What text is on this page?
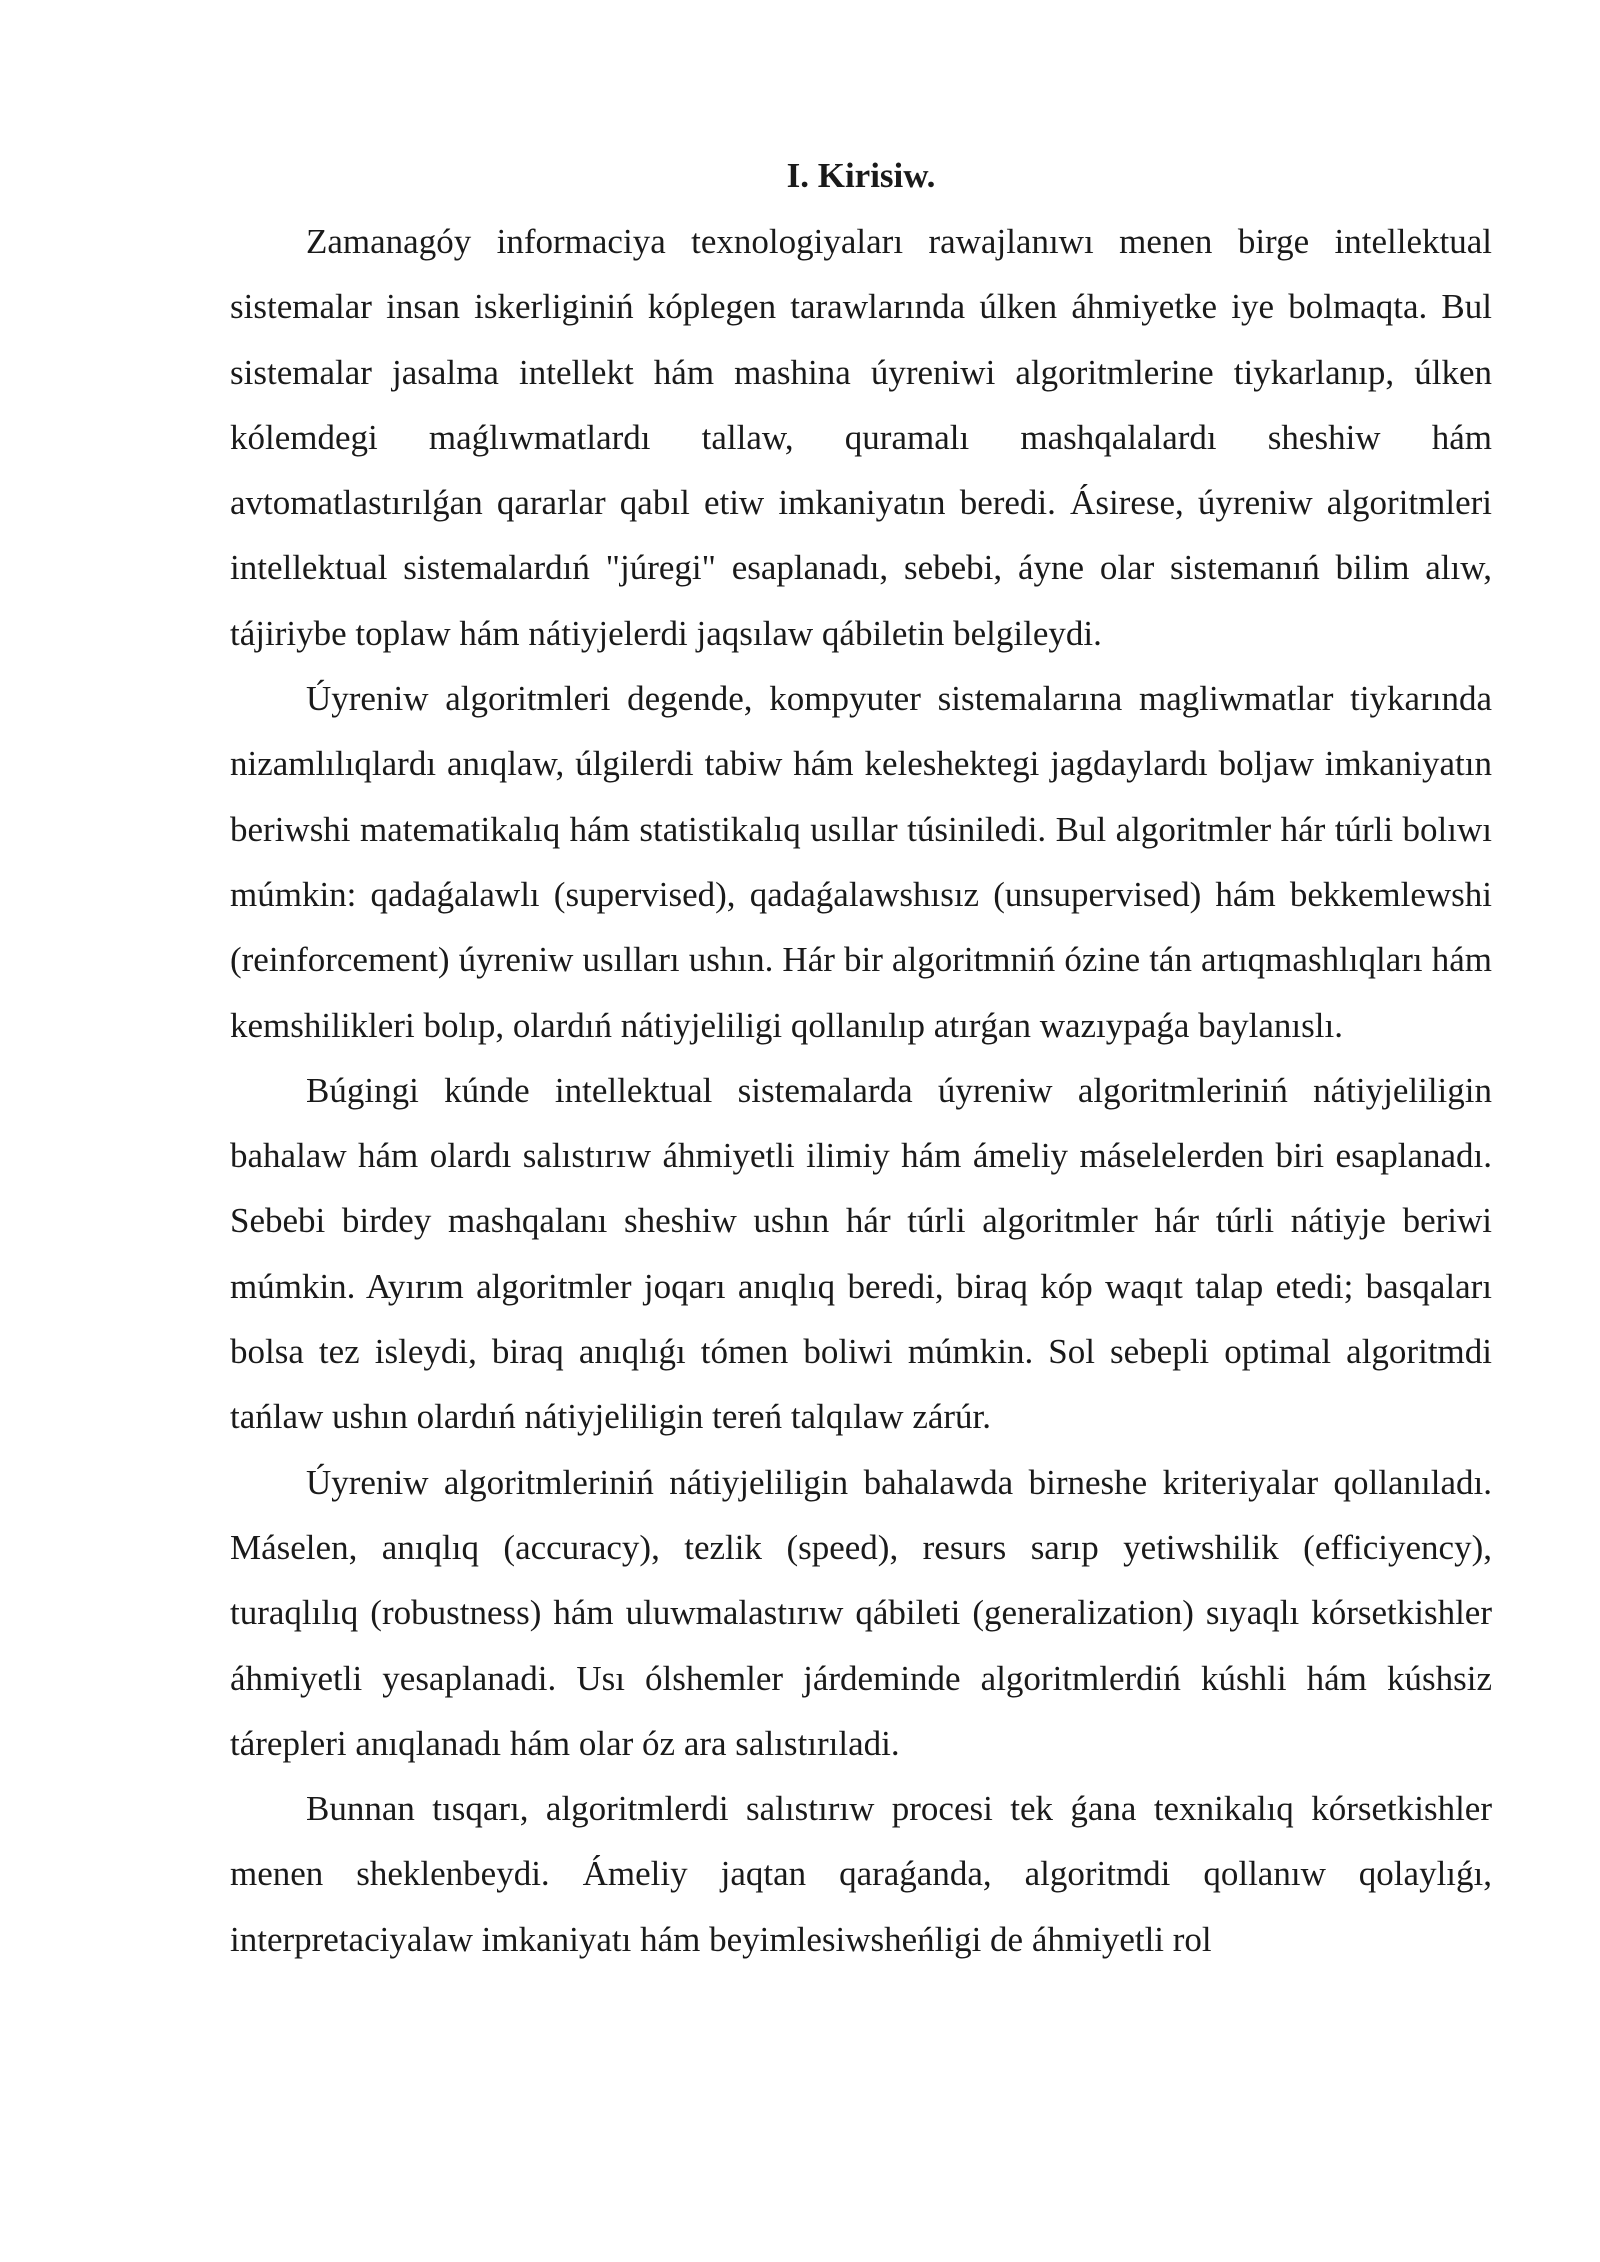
I. Kirisiw.

Zamanagóy informaciya texnologiyaları rawajlanıwı menen birge intellektual sistemalar insan iskerliginiń kóplegen tarawlarında úlken áhmiyetke iye bolmaqta. Bul sistemalar jasalma intellekt hám mashina úyreniwi algoritmlerine tiykarlanıp, úlken kólemdegi maǵlıwmatlardı tallaw, quramalı mashqalalardı sheshiw hám avtomatlastırılǵan qararlar qabıl etiw imkaniyatın beredi. Ásirese, úyreniw algoritmleri intellektual sistemalardıń "júregi" esaplanadı, sebebi, áyne olar sistemanıń bilim alıw, tájiriybe toplaw hám nátiyjelerdi jaqsılaw qábiletin belgileydi.

Úyreniw algoritmleri degende, kompyuter sistemalarına magliwmatlar tiykarında nizamlılıqlardı anıqlaw, úlgilerdi tabiw hám keleshektegi jagdaylardı boljaw imkaniyatın beriwshi matematikalıq hám statistikalıq usıllar túsiniledi. Bul algoritmler hár túrli bolıwı múmkin: qadaǵalawlı (supervised), qadaǵalawshısız (unsupervised) hám bekkemlewshi (reinforcement) úyreniw usılları ushın. Hár bir algoritmniń ózine tán artıqmashlıqları hám kemshilikleri bolıp, olardıń nátiyjeliligi qollanılıp atırǵan wazıypaǵa baylanıslı.

Búgingi kúnde intellektual sistemalarda úyreniw algoritmleriniń nátiyjeliligin bahalaw hám olardı salıstırıw áhmiyetli ilimiy hám ámeliy máselelerden biri esaplanadı. Sebebi birdey mashqalanı sheshiw ushın hár túrli algoritmler hár túrli nátiyje beriwi múmkin. Ayırım algoritmler joqarı anıqlıq beredi, biraq kóp waqıt talap etedi; basqaları bolsa tez isleydi, biraq anıqlıǵı tómen boliwi múmkin. Sol sebepli optimal algoritmdi tańlaw ushın olardıń nátiyjeliligin tereń talqılaw zárúr.

Úyreniw algoritmleriniń nátiyjeliligin bahalawda birneshe kriteriyalar qollanıladı. Máselen, anıqlıq (accuracy), tezlik (speed), resurs sarıp yetiwshilik (efficiyency), turaqlılıq (robustness) hám uluwmalastırıw qábileti (generalization) sıyaqlı kórsetkishler áhmiyetli yesaplanadi. Usı ólshemler járdeminde algoritmlerdiń kúshli hám kúshsiz tárepleri anıqlanadı hám olar óz ara salıstırıladi.

Bunnan tısqarı, algoritmlerdi salıstırıw procesi tek ǵana texnikalıq kórsetkishler menen sheklenbeydi. Ámeliy jaqtan qaraǵanda, algoritmdi qollanıw qolaylıǵı, interpretaciyalaw imkaniyatı hám beyimlesiwsheńligi de áhmiyetli rol
